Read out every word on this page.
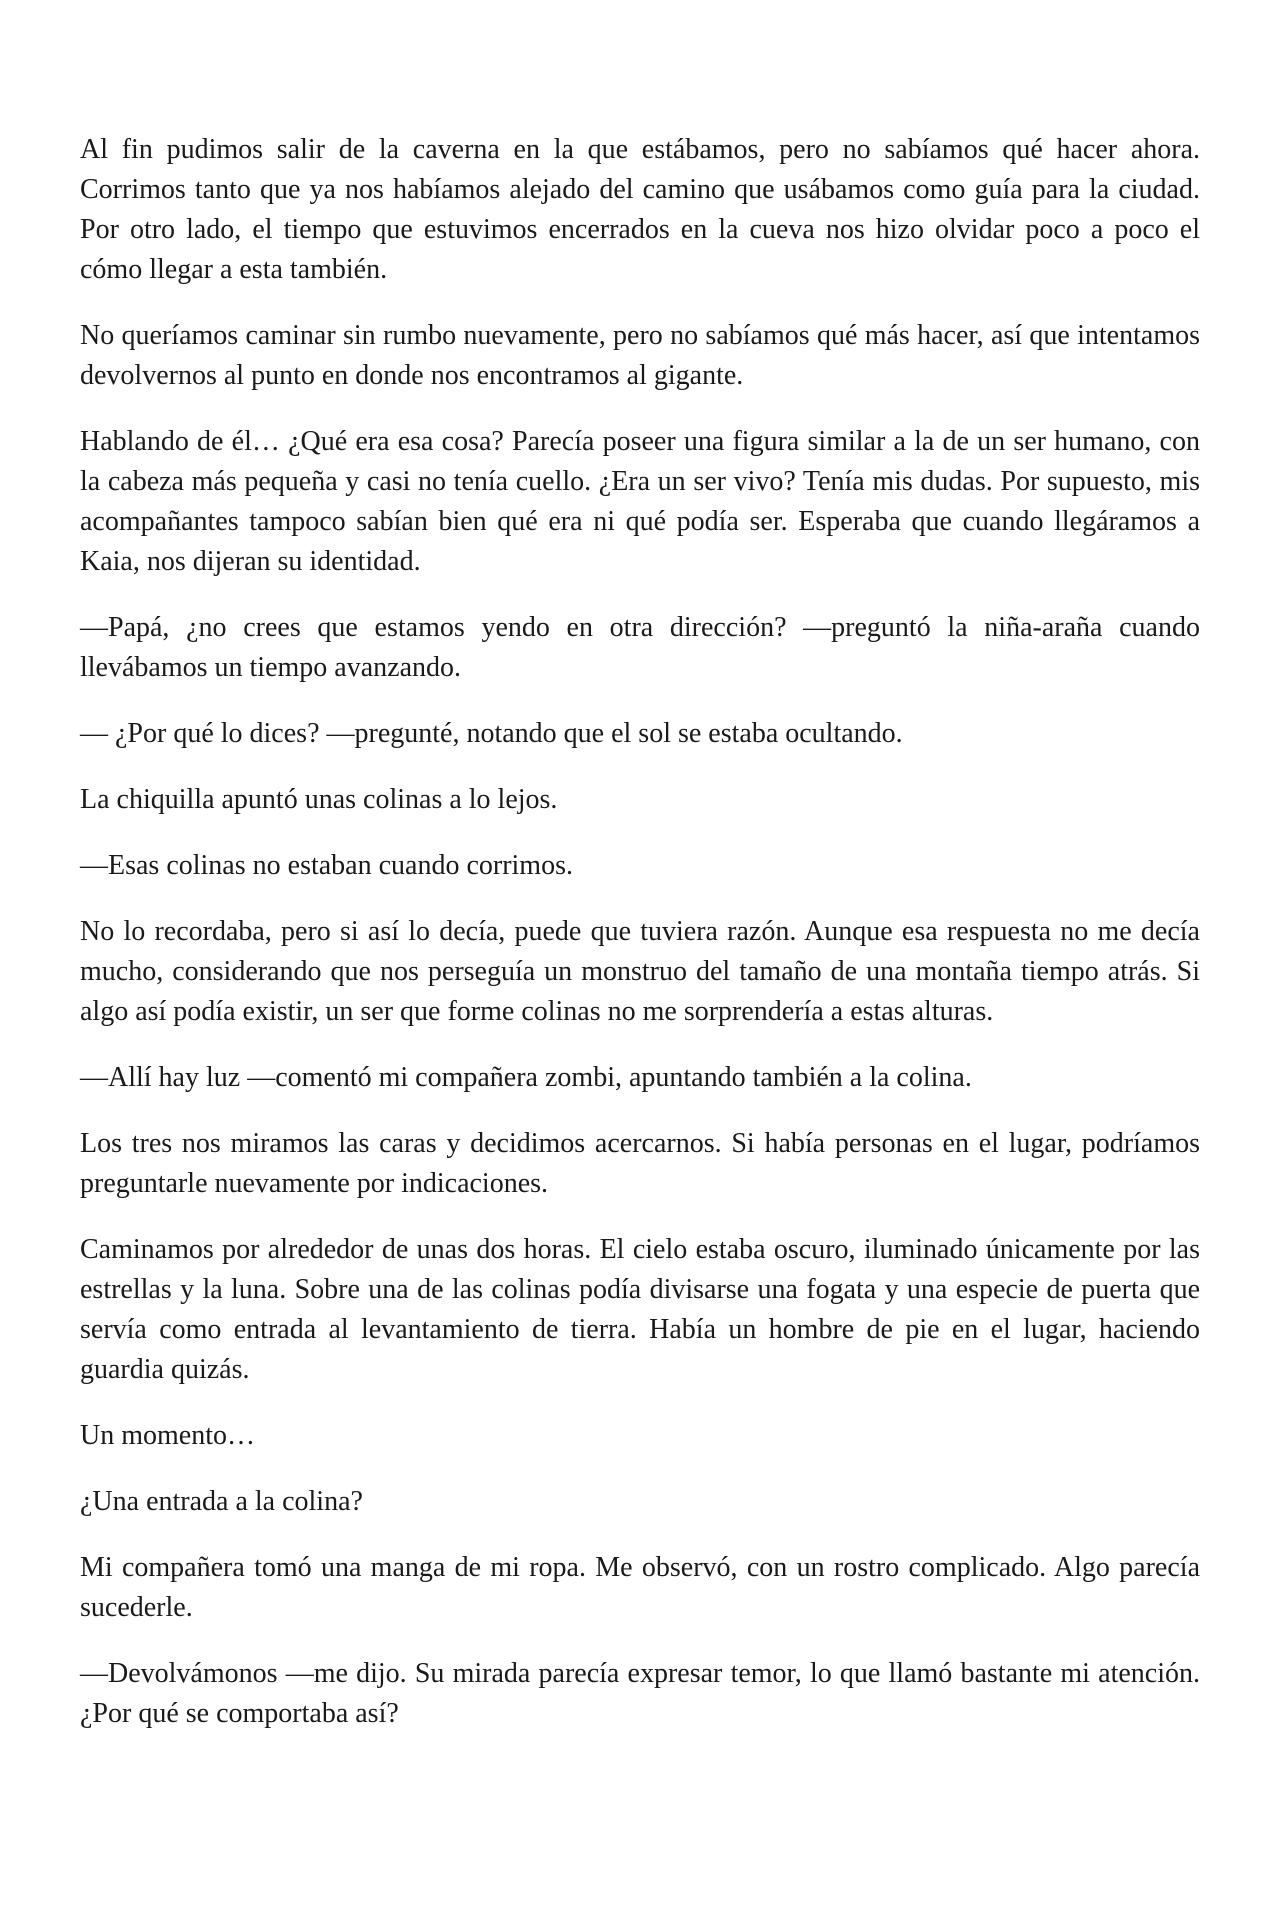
Al fin pudimos salir de la caverna en la que estábamos, pero no sabíamos qué hacer ahora. Corrimos tanto que ya nos habíamos alejado del camino que usábamos como guía para la ciudad. Por otro lado, el tiempo que estuvimos encerrados en la cueva nos hizo olvidar poco a poco el cómo llegar a esta también.

No queríamos caminar sin rumbo nuevamente, pero no sabíamos qué más hacer, así que intentamos devolvernos al punto en donde nos encontramos al gigante.

Hablando de él… ¿Qué era esa cosa? Parecía poseer una figura similar a la de un ser humano, con la cabeza más pequeña y casi no tenía cuello. ¿Era un ser vivo? Tenía mis dudas. Por supuesto, mis acompañantes tampoco sabían bien qué era ni qué podía ser. Esperaba que cuando llegáramos a Kaia, nos dijeran su identidad.

—Papá, ¿no crees que estamos yendo en otra dirección? —preguntó la niña-araña cuando llevábamos un tiempo avanzando.

— ¿Por qué lo dices? —pregunté, notando que el sol se estaba ocultando.

La chiquilla apuntó unas colinas a lo lejos.

—Esas colinas no estaban cuando corrimos.

No lo recordaba, pero si así lo decía, puede que tuviera razón. Aunque esa respuesta no me decía mucho, considerando que nos perseguía un monstruo del tamaño de una montaña tiempo atrás. Si algo así podía existir, un ser que forme colinas no me sorprendería a estas alturas.

—Allí hay luz —comentó mi compañera zombi, apuntando también a la colina.

Los tres nos miramos las caras y decidimos acercarnos. Si había personas en el lugar, podríamos preguntarle nuevamente por indicaciones.

Caminamos por alrededor de unas dos horas. El cielo estaba oscuro, iluminado únicamente por las estrellas y la luna. Sobre una de las colinas podía divisarse una fogata y una especie de puerta que servía como entrada al levantamiento de tierra. Había un hombre de pie en el lugar, haciendo guardia quizás.

Un momento…

¿Una entrada a la colina?

Mi compañera tomó una manga de mi ropa. Me observó, con un rostro complicado. Algo parecía sucederle.

—Devolvámonos —me dijo. Su mirada parecía expresar temor, lo que llamó bastante mi atención. ¿Por qué se comportaba así?
